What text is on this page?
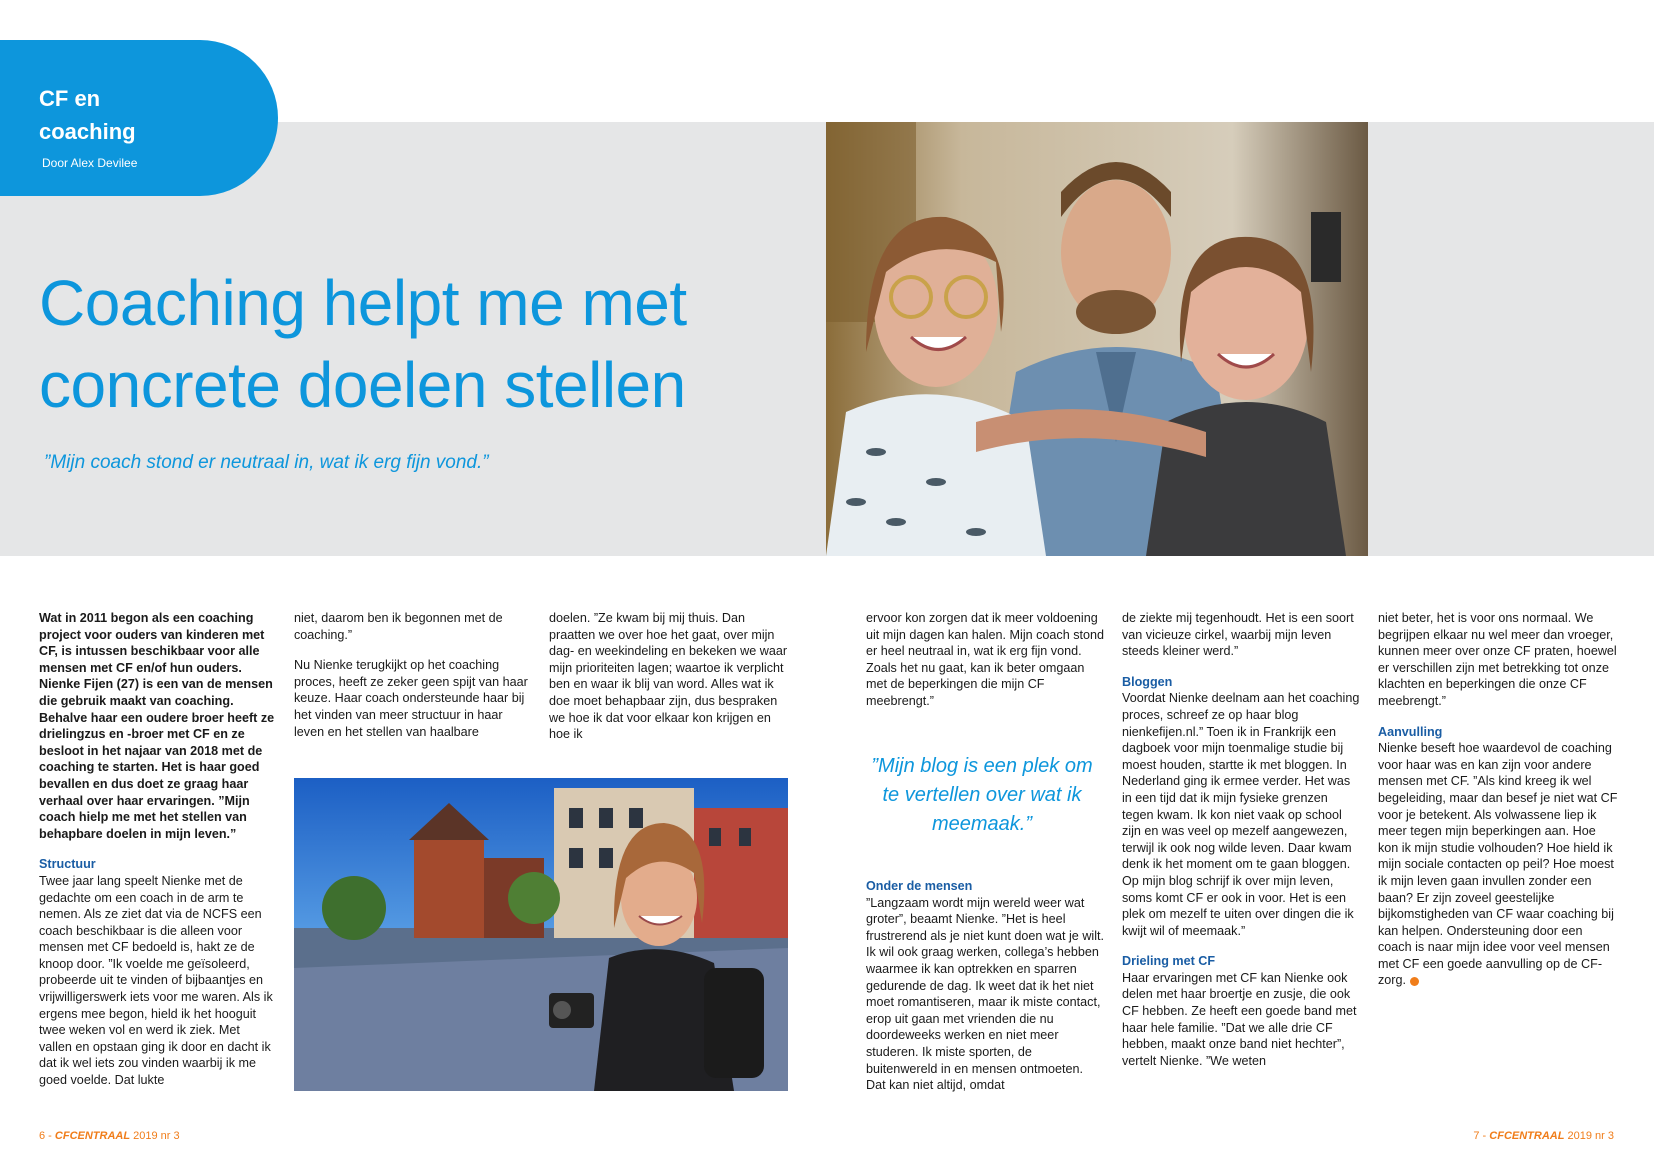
CF en coaching
Door Alex Devilee
Coaching helpt me met concrete doelen stellen
”Mijn coach stond er neutraal in, wat ik erg fijn vond.”

Wat in 2011 begon als een coaching project voor ouders van kinderen met CF, is intussen beschikbaar voor alle mensen met CF en/of hun ouders. Nienke Fijen (27) is een van de mensen die gebruik maakt van coaching. Behalve haar een oudere broer heeft ze drielingzus en -broer met CF en ze besloot in het najaar van 2018 met de coaching te starten. Het is haar goed bevallen en dus doet ze graag haar verhaal over haar ervaringen. ”Mijn coach hielp me met het stellen van behapbare doelen in mijn leven.”

Structuur

Twee jaar lang speelt Nienke met de gedachte om een coach in de arm te nemen. Als ze ziet dat via de NCFS een coach beschikbaar is die alleen voor mensen met CF bedoeld is, hakt ze de knoop door. ”Ik voelde me geïsoleerd, probeerde uit te vinden of bijbaantjes en vrijwilligerswerk iets voor me waren. Als ik ergens mee begon, hield ik het hooguit twee weken vol en werd ik ziek. Met vallen en opstaan ging ik door en dacht ik dat ik wel iets zou vinden waarbij ik me goed voelde. Dat lukte

niet, daarom ben ik begonnen met de coaching.”

Nu Nienke terugkijkt op het coaching proces, heeft ze zeker geen spijt van haar keuze. Haar coach ondersteunde haar bij het vinden van meer structuur in haar leven en het stellen van haalbare

doelen. ”Ze kwam bij mij thuis. Dan praatten we over hoe het gaat, over mijn dag- en weekindeling en bekeken we waar mijn prioriteiten lagen; waartoe ik verplicht ben en waar ik blij van word. Alles wat ik doe moet behapbaar zijn, dus bespraken we hoe ik dat voor elkaar kon krijgen en hoe ik

ervoor kon zorgen dat ik meer voldoening uit mijn dagen kan halen. Mijn coach stond er heel neutraal in, wat ik erg fijn vond. Zoals het nu gaat, kan ik beter omgaan met de beperkingen die mijn CF meebrengt.”

”Mijn blog is een plek om te vertellen over wat ik meemaak.”
Onder de mensen

”Langzaam wordt mijn wereld weer wat groter”, beaamt Nienke. ”Het is heel frustrerend als je niet kunt doen wat je wilt. Ik wil ook graag werken, collega’s hebben waarmee ik kan optrekken en sparren gedurende de dag. Ik weet dat ik het niet moet romantiseren, maar ik miste contact, erop uit gaan met vrienden die nu doordeweeks werken en niet meer studeren. Ik miste sporten, de buitenwereld in en mensen ontmoeten. Dat kan niet altijd, omdat

de ziekte mij tegenhoudt. Het is een soort van vicieuze cirkel, waarbij mijn leven steeds kleiner werd.”

Bloggen

Voordat Nienke deelnam aan het coaching proces, schreef ze op haar blog nienkefijen.nl.” Toen ik in Frankrijk een dagboek voor mijn toenmalige studie bij moest houden, startte ik met bloggen. In Nederland ging ik ermee verder. Het was in een tijd dat ik mijn fysieke grenzen tegen kwam. Ik kon niet vaak op school zijn en was veel op mezelf aangewezen, terwijl ik ook nog wilde leven. Daar kwam denk ik het moment om te gaan bloggen. Op mijn blog schrijf ik over mijn leven, soms komt CF er ook in voor. Het is een plek om mezelf te uiten over dingen die ik kwijt wil of meemaak.”

Drieling met CF

Haar ervaringen met CF kan Nienke ook delen met haar broertje en zusje, die ook CF hebben. Ze heeft een goede band met haar hele familie. ”Dat we alle drie CF hebben, maakt onze band niet hechter”, vertelt Nienke. ”We weten

niet beter, het is voor ons normaal. We begrijpen elkaar nu wel meer dan vroeger, kunnen meer over onze CF praten, hoewel er verschillen zijn met betrekking tot onze klachten en beperkingen die onze CF meebrengt.”

Aanvulling

Nienke beseft hoe waardevol de coaching voor haar was en kan zijn voor andere mensen met CF. ”Als kind kreeg ik wel begeleiding, maar dan besef je niet wat CF voor je betekent. Als volwassene liep ik meer tegen mijn beperkingen aan. Hoe kon ik mijn studie volhouden? Hoe hield ik mijn sociale contacten op peil? Hoe moest ik mijn leven gaan invullen zonder een baan? Er zijn zoveel geestelijke bijkomstigheden van CF waar coaching bij kan helpen. Ondersteuning door een coach is naar mijn idee voor veel mensen met CF een goede aanvulling op de CF-zorg.

6 - CFCENTRAAL 2019 nr 3	7 - CFCENTRAAL 2019 nr 3
